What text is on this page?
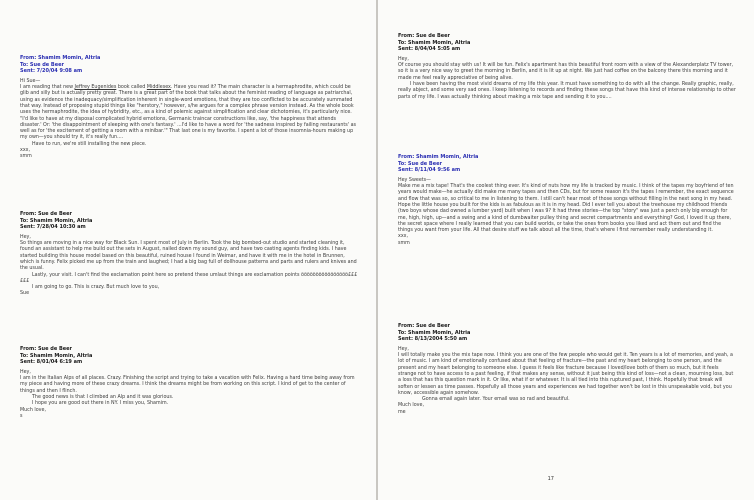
From: Shamim Momin, Altria
To: Sue de Beer
Sent: 7/20/04 9:08 am

Hi Sue—

I am reading that new Jeffrey Eugenides book called Middlesex. Have you read it? The main character is a hermaphrodite, which could be glib and silly but is actually pretty great. There is a great part of the book that talks about the feminist reading of language as patriarchal, using as evidence the inadequacy/simplification inherent in single-word emotions, that they are too conflicted to be accurately summated that way. Instead of proposing stupid things like "herstory," however, s/he argues for a complex phrase version instead. As the whole book uses the hermaphrodite, the idea of hybridity, etc., as a kind of polemic against simplification and clear dichotomies, it's particularly nice. "I'd like to have at my disposal complicated hybrid emotions, Germanic traincar constructions like, say, 'the happiness that attends disaster.' Or: 'the disappointment of sleeping with one's fantasy.' ...I'd like to have a word for 'the sadness inspired by failing restaurants' as well as for 'the excitement of getting a room with a minibar.'" That last one is my favorite. I spent a lot of those insomnia-hours making up my own—you should try it, it's really fun....

Have to run, we're still installing the new piece.

xxx,

smm

From: Sue de Beer
To: Shamim Momin, Altria
Sent: 7/28/04 10:30 am

Hey,

So things are moving in a nice way for Black Sun. I spent most of July in Berlin. Took the big bombed-out studio and started cleaning it, found an assistant to help me build out the sets in August, nailed down my sound guy, and have two casting agents finding kids. I have started building this house model based on this beautiful, ruined house I found in Weimar, and have it with me in the hotel in Brunnen, which is funny. Felix picked me up from the train and laughed; I had a big bag full of dollhouse patterns and parts and rulers and knives and the usual.

Lastly, your visit. I can't find the exclamation point here so pretend these umlaut things are exclamation points öööööööööööööööö££££££

I am going to go. This is crazy. But much love to you,

Sue

From: Sue de Beer
To: Shamim Momin, Altria
Sent: 8/01/04 6:19 am

Hey,

I am in the Italian Alps of all places. Crazy. Finishing the script and trying to take a vacation with Felix. Having a hard time being away from my piece and having more of these crazy dreams. I think the dreams might be from working on this script. I kind of get to the center of things and then I flinch.

The good news is that I climbed an Alp and it was glorious.

I hope you are good out there in NY. I miss you, Shamim.

Much love,

s

From: Sue de Beer
To: Shamim Momin, Altria
Sent: 8/04/04 5:05 am

Hey,

Of course you should stay with us! It will be fun. Felix's apartment has this beautiful front room with a view of the Alexanderplatz TV tower, so it is a very nice way to greet the morning in Berlin, and it is lit up at night. We just had coffee on the balcony there this morning and it made me feel really appreciative of being alive.

I have been having the most vivid dreams of my life this year. It must have something to do with all the change. Really graphic, really, really abject, and some very sad ones. I keep listening to records and finding these songs that have this kind of intense relationship to other parts of my life. I was actually thinking about making a mix tape and sending it to you....

From: Shamim Momin, Altria
To: Sue de Beer
Sent: 8/11/04 9:56 am

Hey Sweets—

Make me a mix tape! That's the coolest thing ever. It's kind of nuts how my life is tracked by music. I think of the tapes my boyfriend of ten years would make—he actually did make me many tapes and then CDs, but for some reason it's the tapes I remember, the exact sequence and flow that was so, so critical to me in listening to them. I still can't hear most of those songs without filling in the next song in my head. Hope the little house you built for the kids is as fabulous as it is in my head. Did I ever tell you about the treehouse my childhood friends (two boys whose dad owned a lumber yard) built when I was 9? It had three stories—the top "story" was just a perch only big enough for me, high, high, up—and a swing and a kind of dumbwaiter pulley thing and secret compartments and everything? God, I loved it up there, the secret space where I really learned that you can build worlds, or take the ones from books you liked and act them out and find the things you want from your life. All that desire stuff we talk about all the time, that's where I first remember really understanding it.

xxx,

smm

From: Sue de Beer
To: Shamim Momin, Altria
Sent: 8/13/2004 5:50 am

Hey,

I will totally make you the mix tape now. I think you are one of the few people who would get it. Ten years is a lot of memories, and yeah, a lot of music. I am kind of emotionally confused about that feeling of fracture—the past and my heart belonging to one person, and the present and my heart belonging to someone else. I guess it feels like fracture because I loved/love both of them so much, but it feels strange not to have access to a past feeling, if that makes any sense, without it just being this kind of loss—not a clean, mourning loss, but a loss that has this question mark in it. Or like, what if or whatever. It is all tied into this ruptured past, I think. Hopefully that break will soften or lessen as time passes. Hopefully all those years and experiences we had together won't be lost in this unspeakable void, but you know, accessible again somehow.

Gonna email again later. Your email was so rad and beautiful.

Much love,

me

17
